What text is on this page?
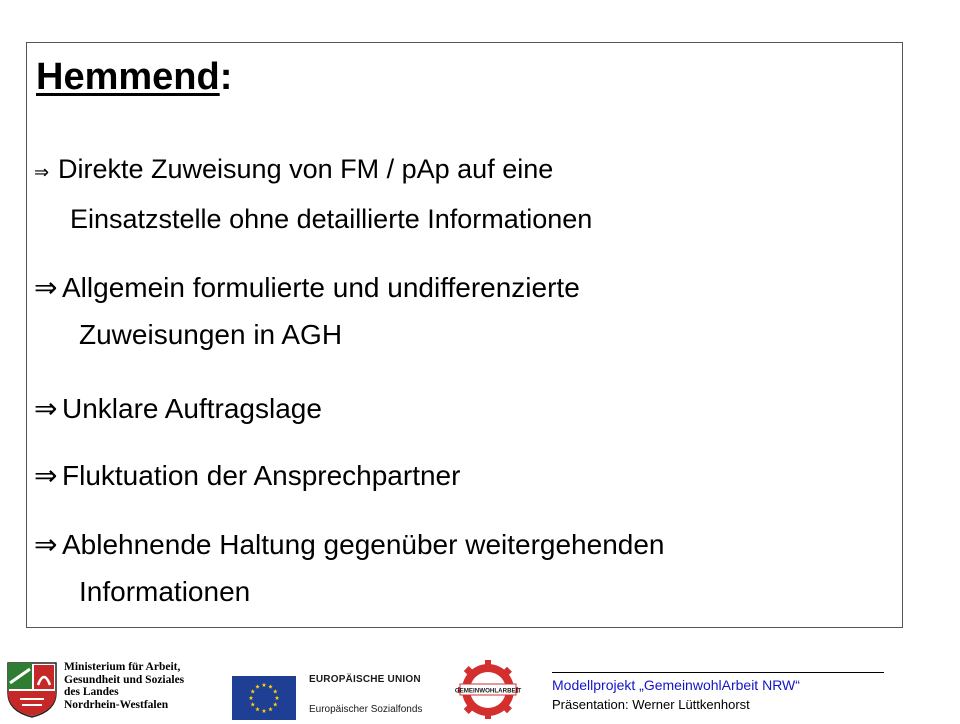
Hemmend:
⇒ Direkte Zuweisung von FM / pAp auf eine
Einsatzstelle ohne detaillierte Informationen
⇒ Allgemein formulierte und undifferenzierte
Zuweisungen in AGH
⇒ Unklare Auftragslage
⇒ Fluktuation der Ansprechpartner
⇒ Ablehnende Haltung gegenüber weitergehenden
Informationen
Ministerium für Arbeit,
Gesundheit und Soziales
des Landes
Nordrhein-Westfalen
EUROPÄISCHE UNION
Europäischer Sozialfonds
GEMEINWOHLARBEIT Modellprojekt „GemeinwohlArbeit NRW“
Präsentation: Werner Lüttkenhorst
